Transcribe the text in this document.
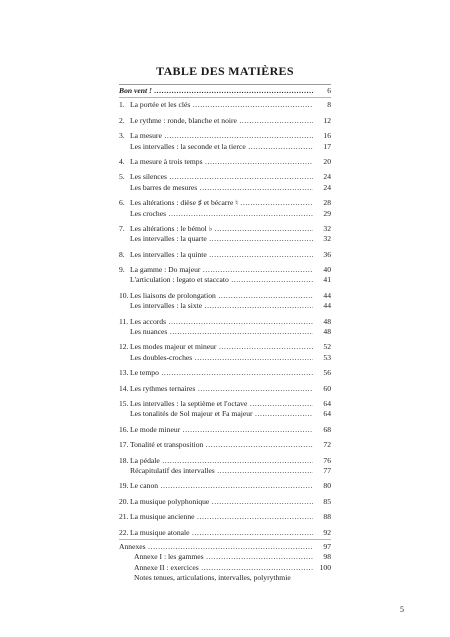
TABLE DES MATIÈRES
Bon vent ! .....	6
1. La portée et les clés .....	8
2. Le rythme : ronde, blanche et noire .....	12
3. La mesure .....	16
Les intervalles : la seconde et la tierce .....	17
4. La mesure à trois temps .....	20
5. Les silences .....	24
Les barres de mesures .....	24
6. Les altérations : dièse ♯ et bécarre ♮ .....	28
Les croches .....	29
7. Les altérations : le bémol ♭ .....	32
Les intervalles : la quarte .....	32
8. Les intervalles : la quinte .....	36
9. La gamme : Do majeur .....	40
L'articulation : legato et staccato .....	41
10. Les liaisons de prolongation .....	44
Les intervalles : la sixte .....	44
11. Les accords .....	48
Les nuances .....	48
12. Les modes majeur et mineur .....	52
Les doubles-croches .....	53
13. Le tempo .....	56
14. Les rythmes ternaires .....	60
15. Les intervalles : la septième et l'octave .....	64
Les tonalités de Sol majeur et Fa majeur .....	64
16. Le mode mineur .....	68
17. Tonalité et transposition .....	72
18. La pédale .....	76
Récapitulatif des intervalles .....	77
19. Le canon .....	80
20. La musique polyphonique .....	85
21. La musique ancienne .....	88
22. La musique atonale .....	92
Annexes .....	97
Annexe I : les gammes .....	98
Annexe II : exercices .....	100
Notes tenues, articulations, intervalles, polyrythmie
5
